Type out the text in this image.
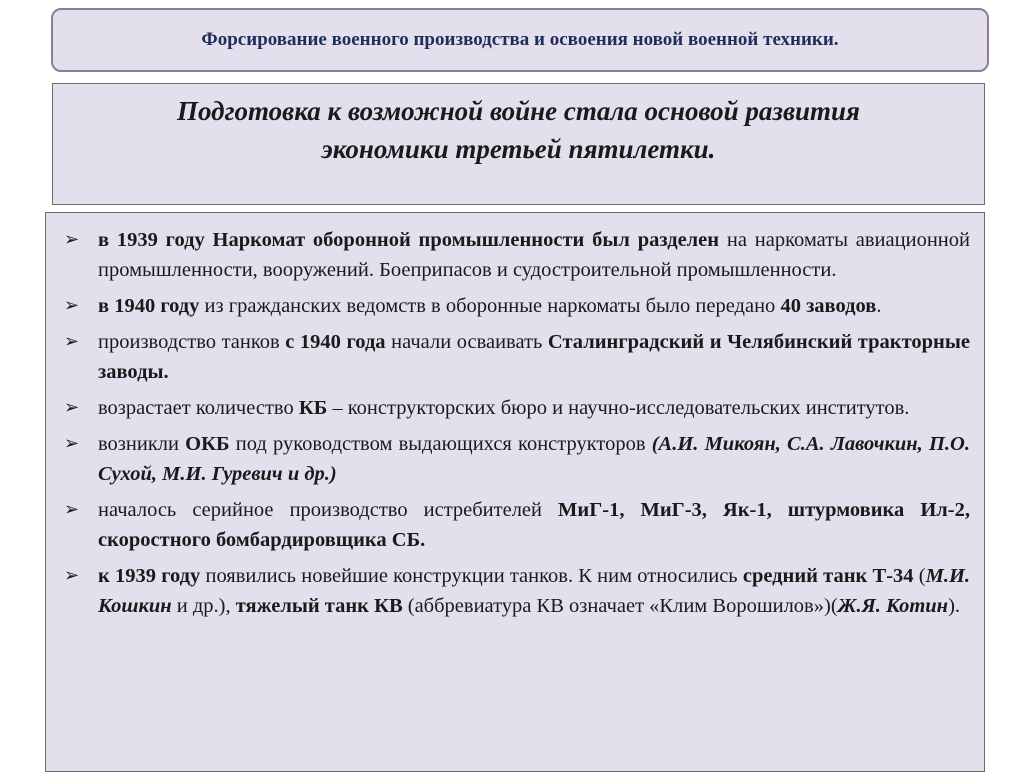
Форсирование военного производства и освоения новой военной техники.
Подготовка к возможной войне стала основой развития
экономики третьей пятилетки.
➢ в 1939 году Наркомат оборонной промышленности был разделен на наркоматы авиационной промышленности, вооружений. Боеприпасов и судостроительной промышленности.
➢ в 1940 году из гражданских ведомств в оборонные наркоматы было передано 40 заводов.
➢ производство танков с 1940 года начали осваивать Сталинградский и Челябинский тракторные заводы.
➢ возрастает количество КБ – конструкторских бюро и научно-исследовательских институтов.
➢ возникли ОКБ под руководством выдающихся конструкторов (А.И. Микоян, С.А. Лавочкин, П.О. Сухой, М.И. Гуревич и др.)
➢ началось серийное производство истребителей МиГ-1, МиГ-3, Як-1, штурмовика Ил-2, скоростного бомбардировщика СБ.
➢ к 1939 году появились новейшие конструкции танков. К ним относились средний танк Т-34 (М.И. Кошкин и др.), тяжелый танк КВ (аббревиатура КВ означает «Клим Ворошилов»)(Ж.Я. Котин).
